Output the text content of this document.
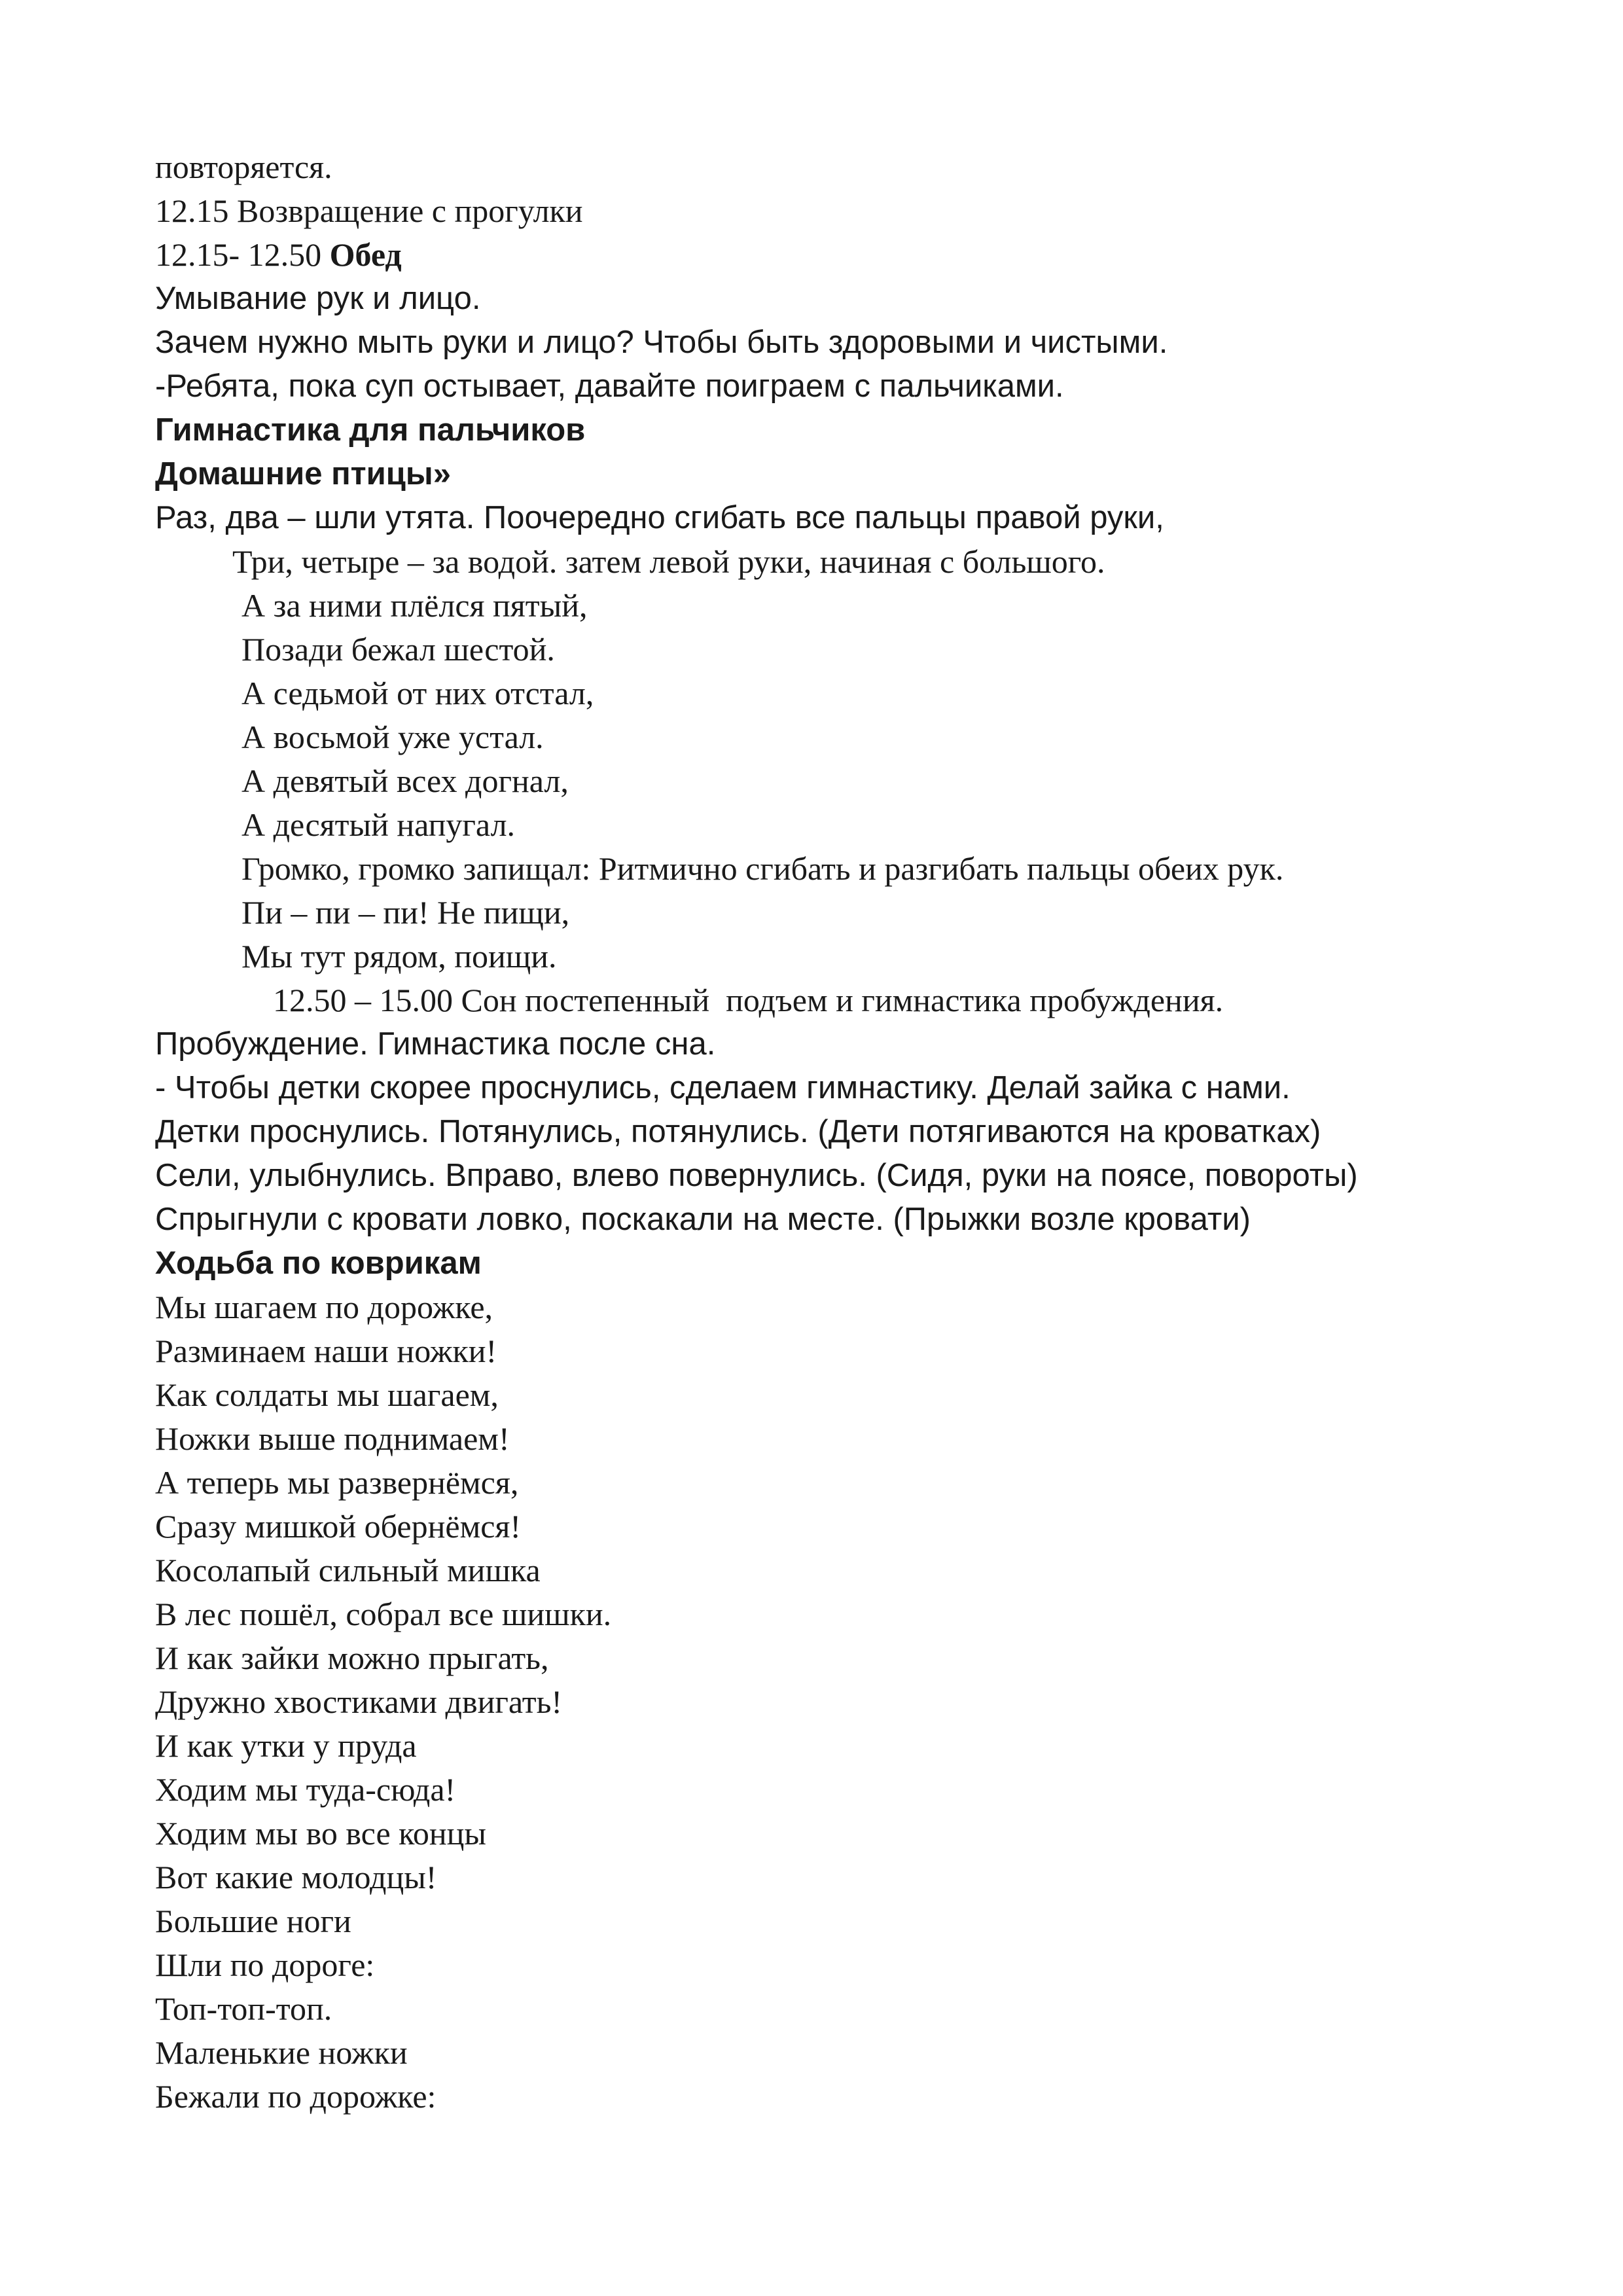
повторяется.
12.15 Возвращение с прогулки
12.15- 12.50 Обед
Умывание рук и лицо.
Зачем нужно мыть руки и лицо? Чтобы быть здоровыми и чистыми.
-Ребята, пока суп остывает, давайте поиграем с пальчиками.
Гимнастика для пальчиков
Домашние птицы»
Раз, два – шли утята. Поочередно сгибать все пальцы правой руки,
Три, четыре – за водой. затем левой руки, начиная с большого.
А за ними плёлся пятый,
Позади бежал шестой.
А седьмой от них отстал,
А восьмой уже устал.
А девятый всех догнал,
А десятый напугал.
Громко, громко запищал: Ритмично сгибать и разгибать пальцы обеих рук.
Пи – пи – пи! Не пищи,
Мы тут рядом, поищи.
12.50 – 15.00 Сон постепенный  подъем и гимнастика пробуждения.
Пробуждение. Гимнастика после сна.
- Чтобы детки скорее проснулись, сделаем гимнастику. Делай зайка с нами.
Детки проснулись. Потянулись, потянулись. (Дети потягиваются на кроватках)
Сели, улыбнулись. Вправо, влево повернулись. (Сидя, руки на поясе, повороты)
Спрыгнули с кровати ловко, поскакали на месте. (Прыжки возле кровати)
Ходьба по коврикам
Мы шагаем по дорожке,
Разминаем наши ножки!
Как солдаты мы шагаем,
Ножки выше поднимаем!
А теперь мы развернёмся,
Сразу мишкой обернёмся!
Косолапый сильный мишка
В лес пошёл, собрал все шишки.
И как зайки можно прыгать,
Дружно хвостиками двигать!
И как утки у пруда
Ходим мы туда-сюда!
Ходим мы во все концы
Вот какие молодцы!
Большие ноги
Шли по дороге:
Топ-топ-топ.
Маленькие ножки
Бежали по дорожке:
